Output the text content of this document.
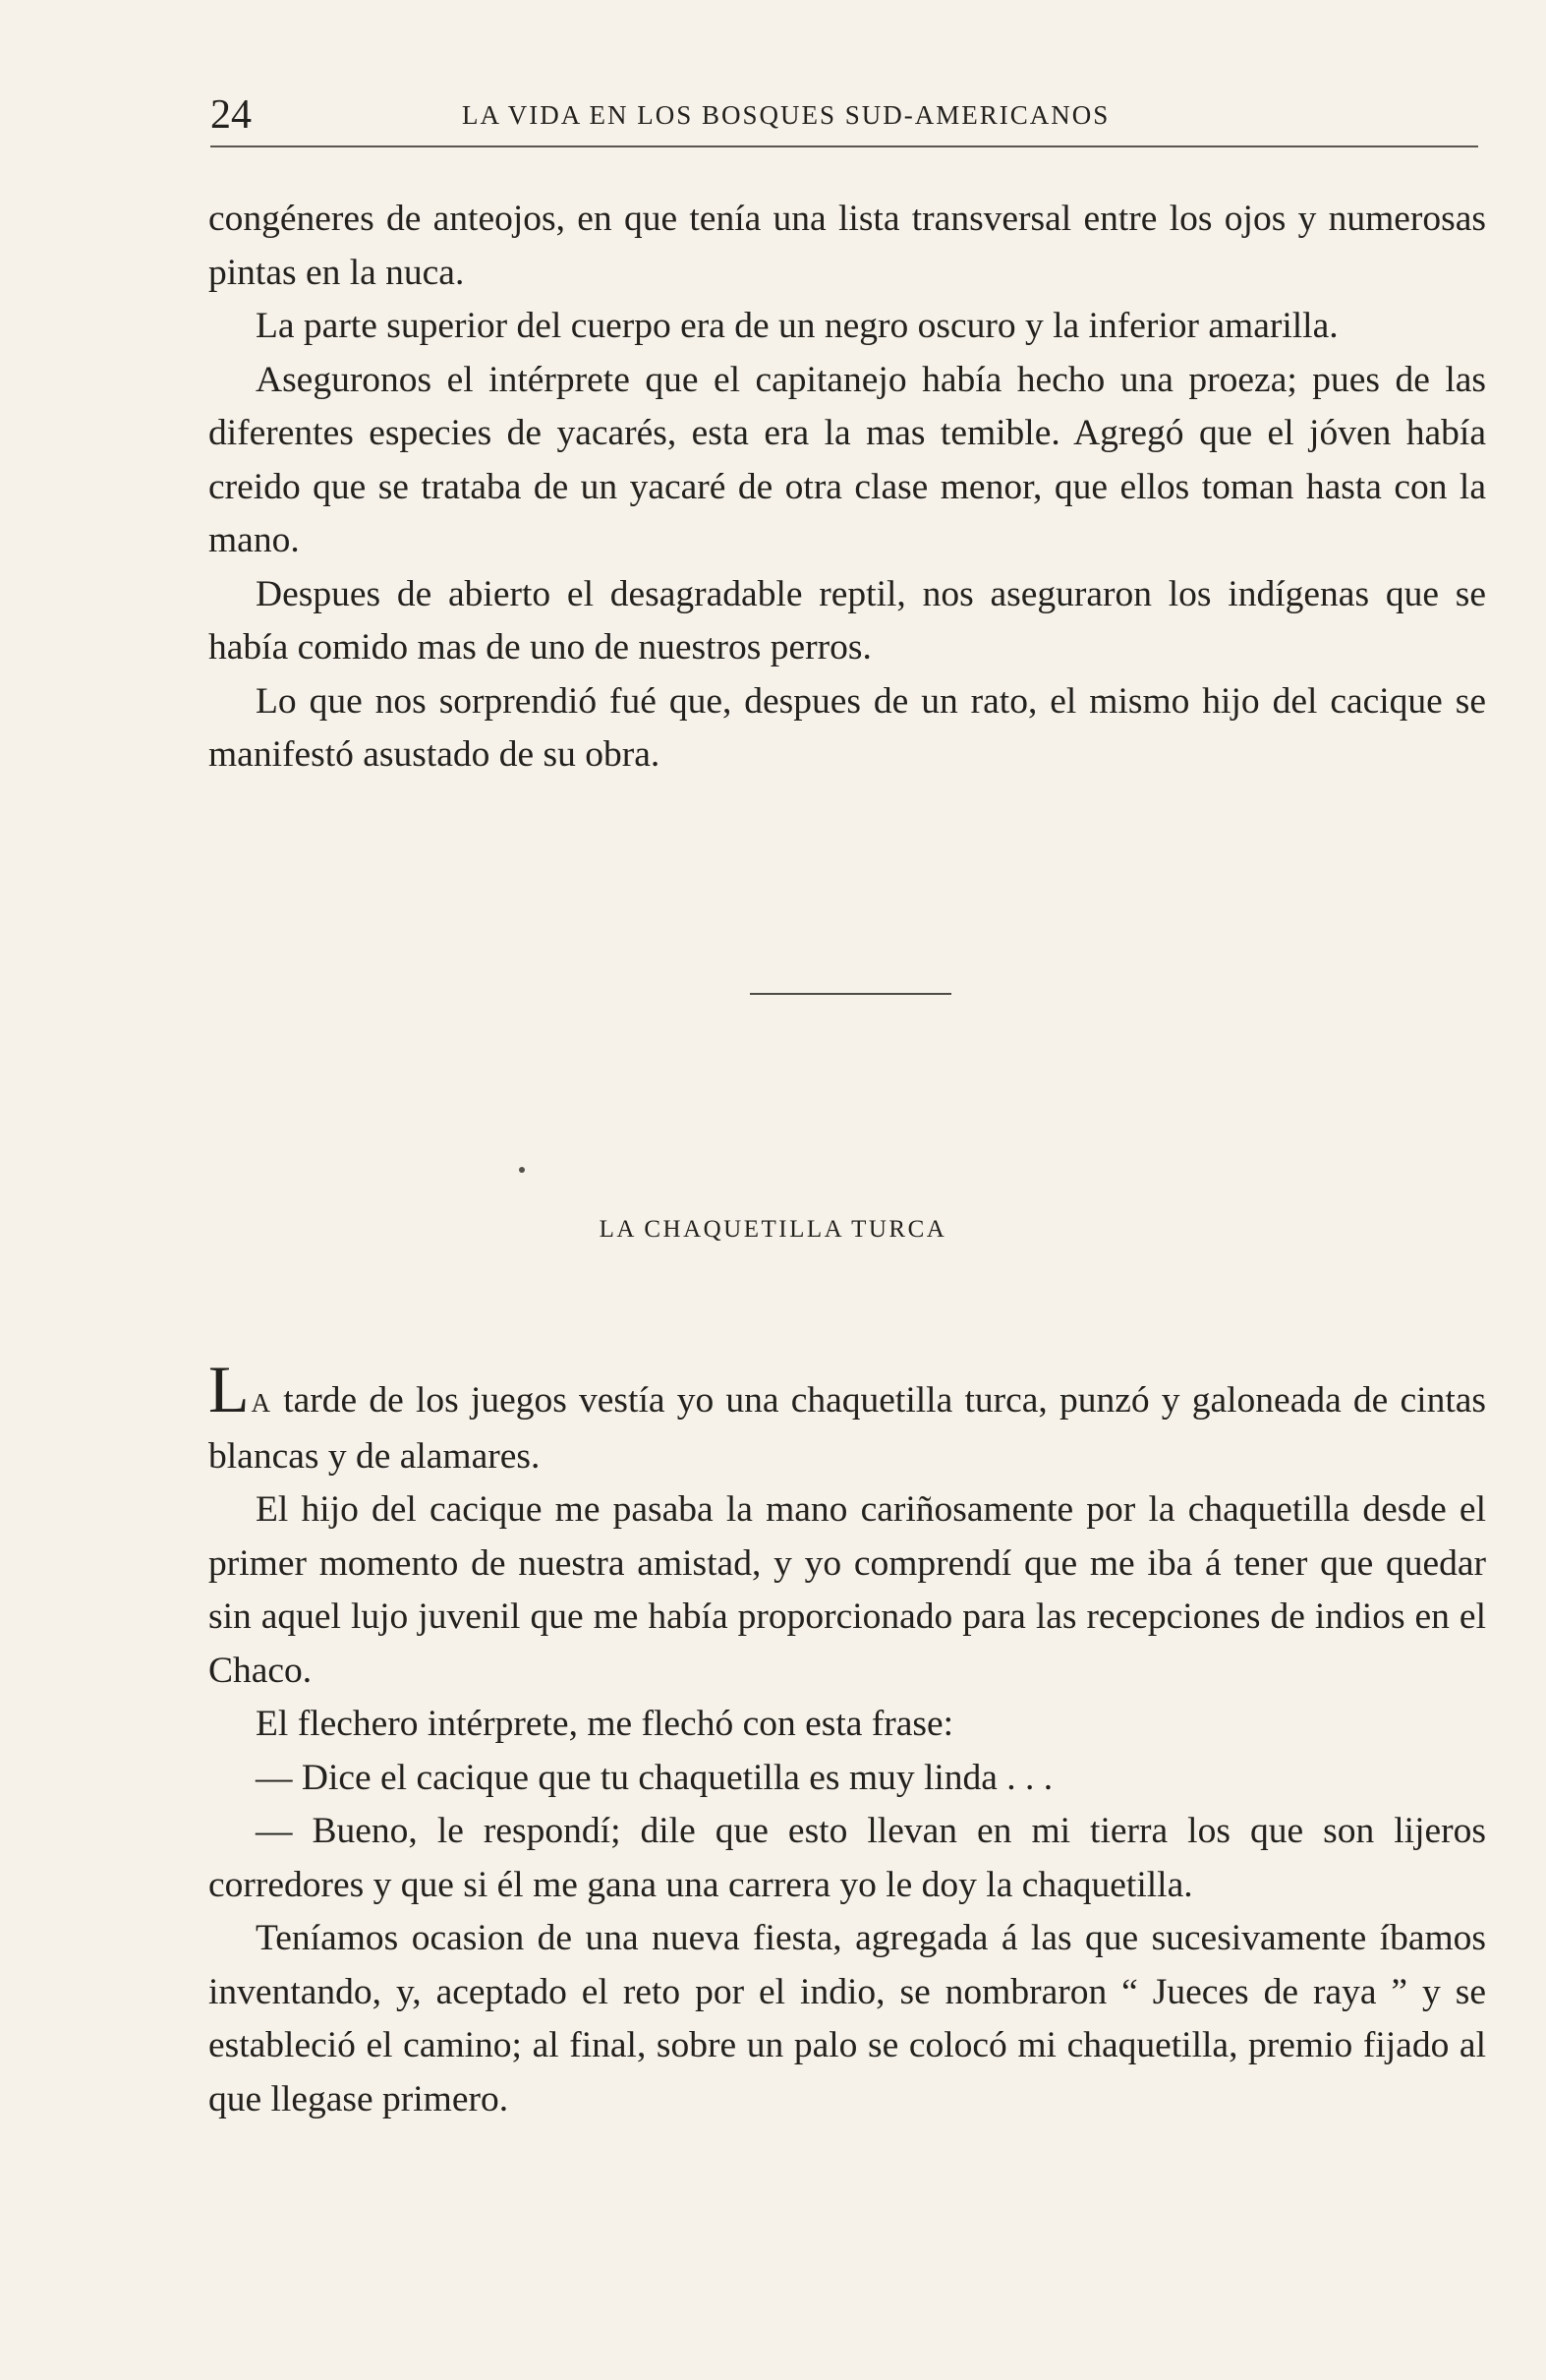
24	LA VIDA EN LOS BOSQUES SUD-AMERICANOS

congéneres de anteojos, en que tenía una lista transversal entre los ojos y numerosas pintas en la nuca.

La parte superior del cuerpo era de un negro oscuro y la inferior amarilla.

Aseguronos el intérprete que el capitanejo había hecho una proeza; pues de las diferentes especies de yacarés, esta era la mas temible. Agregó que el jóven había creido que se trataba de un yacaré de otra clase menor, que ellos toman hasta con la mano.

Despues de abierto el desagradable reptil, nos aseguraron los indígenas que se había comido mas de uno de nuestros perros.

Lo que nos sorprendió fué que, despues de un rato, el mismo hijo del cacique se manifestó asustado de su obra.

LA CHAQUETILLA TURCA

LA tarde de los juegos vestía yo una chaquetilla turca, punzó y galoneada de cintas blancas y de alamares.

El hijo del cacique me pasaba la mano cariñosamente por la chaquetilla desde el primer momento de nuestra amistad, y yo comprendí que me iba á tener que quedar sin aquel lujo juvenil que me había proporcionado para las recepciones de indios en el Chaco.

El flechero intérprete, me flechó con esta frase:

— Dice el cacique que tu chaquetilla es muy linda . . .

— Bueno, le respondí; dile que esto llevan en mi tierra los que son lijeros corredores y que si él me gana una carrera yo le doy la chaquetilla.

Teníamos ocasion de una nueva fiesta, agregada á las que sucesivamente íbamos inventando, y, aceptado el reto por el indio, se nombraron “ Jueces de raya ” y se estableció el camino; al final, sobre un palo se colocó mi chaquetilla, premio fijado al que llegase primero.
